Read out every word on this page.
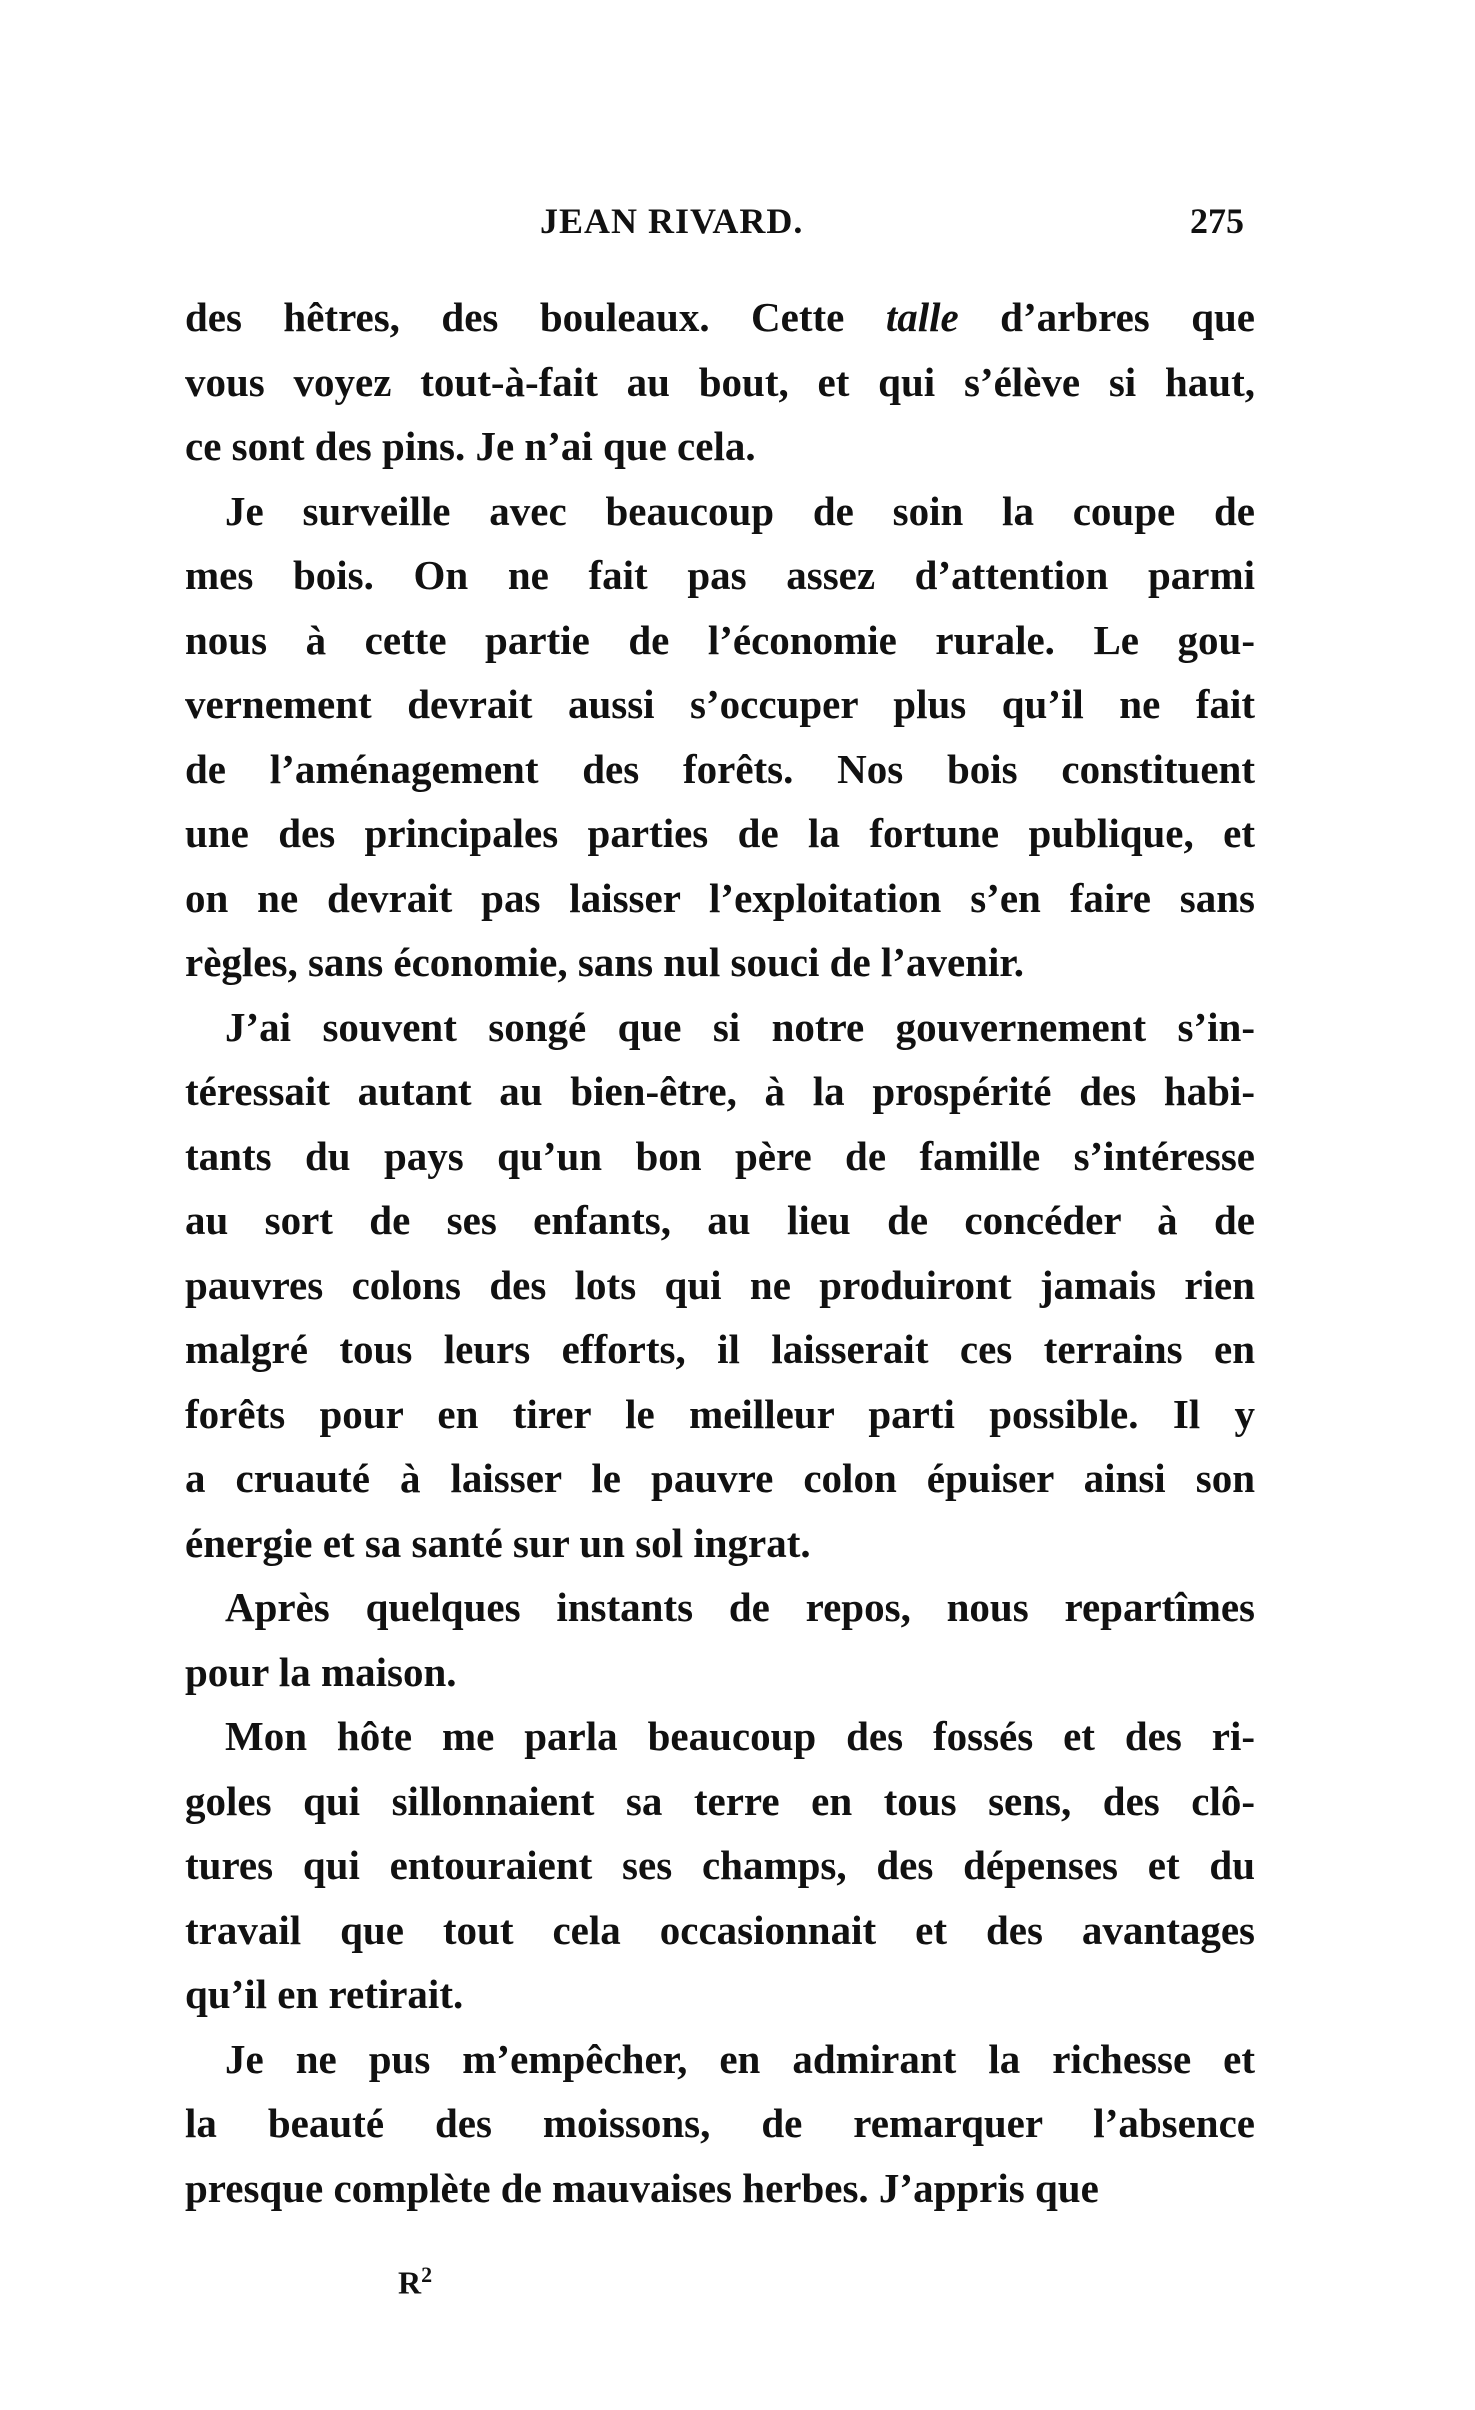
JEAN RIVARD.	275
des hêtres, des bouleaux. Cette talle d’arbres que
vous voyez tout-à-fait au bout, et qui s’élève si haut,
ce sont des pins. Je n’ai que cela.
Je surveille avec beaucoup de soin la coupe de
mes bois. On ne fait pas assez d’attention parmi
nous à cette partie de l’économie rurale. Le gou-
vernement devrait aussi s’occuper plus qu’il ne fait
de l’aménagement des forêts. Nos bois constituent
une des principales parties de la fortune publique, et
on ne devrait pas laisser l’exploitation s’en faire sans
règles, sans économie, sans nul souci de l’avenir.
J’ai souvent songé que si notre gouvernement s’in-
téressait autant au bien-être, à la prospérité des habi-
tants du pays qu’un bon père de famille s’intéresse
au sort de ses enfants, au lieu de concéder à de
pauvres colons des lots qui ne produiront jamais rien
malgré tous leurs efforts, il laisserait ces terrains en
forêts pour en tirer le meilleur parti possible. Il y
a cruauté à laisser le pauvre colon épuiser ainsi son
énergie et sa santé sur un sol ingrat.
Après quelques instants de repos, nous repartîmes
pour la maison.
Mon hôte me parla beaucoup des fossés et des ri-
goles qui sillonnaient sa terre en tous sens, des clô-
tures qui entouraient ses champs, des dépenses et du
travail que tout cela occasionnait et des avantages
qu’il en retirait.
Je ne pus m’empêcher, en admirant la richesse et
la beauté des moissons, de remarquer l’absence
presque complète de mauvaises herbes. J’appris que
$R^2$
